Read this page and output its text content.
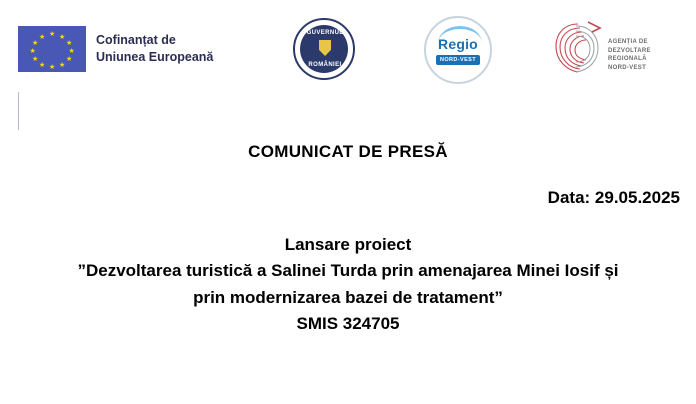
★ ★
★
★
★
★
★
★
★
★
★
★	Cofinanțat de
Uniunea Europeană
GUVERNUL
ROMÂNIEI
Regio
NORD-VEST
AGENȚIA DE
DEZVOLTARE REGIONALĂ
NORD-VEST
COMUNICAT DE PRESĂ
Data: 29.05.2025
Lansare proiect
”Dezvoltarea turistică a Salinei Turda prin amenajarea Minei Iosif și
prin modernizarea bazei de tratament”
SMIS 324705
